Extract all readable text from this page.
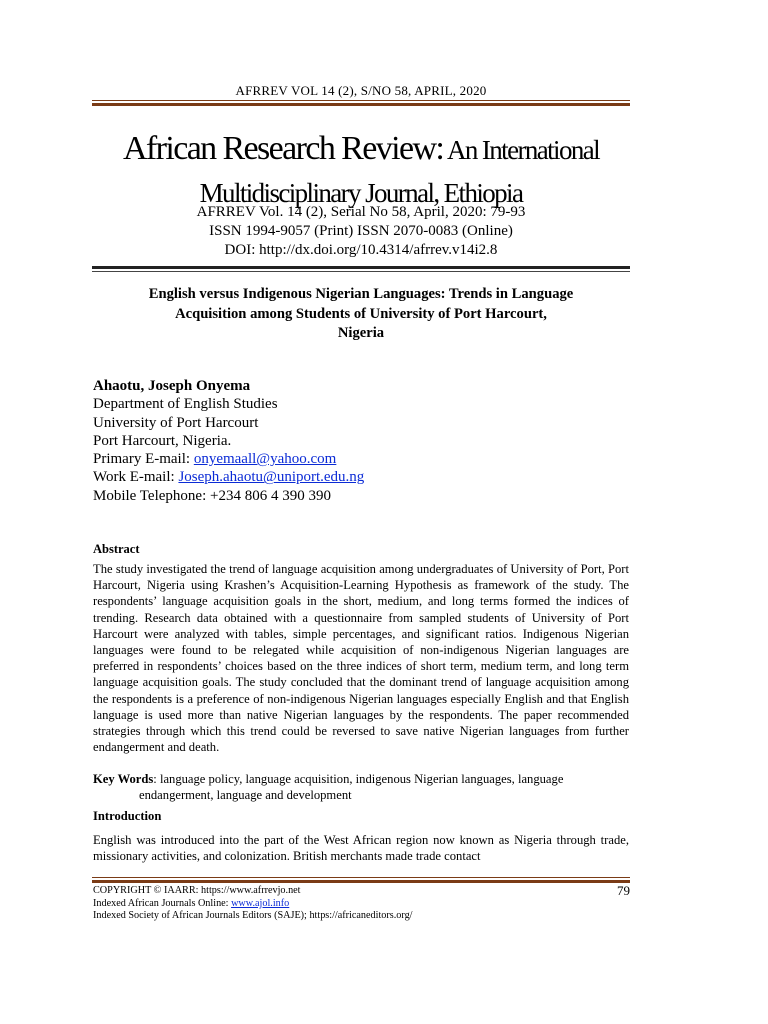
AFRREV VOL 14 (2), S/NO 58, APRIL, 2020
African Research Review: An International
Multidisciplinary Journal, Ethiopia
AFRREV Vol. 14 (2), Serial No 58, April, 2020: 79-93
ISSN 1994-9057 (Print) ISSN 2070-0083 (Online)
DOI: http://dx.doi.org/10.4314/afrrev.v14i2.8
English versus Indigenous Nigerian Languages: Trends in Language
Acquisition among Students of University of Port Harcourt,
Nigeria
Ahaotu, Joseph Onyema
Department of English Studies
University of Port Harcourt
Port Harcourt, Nigeria.
Primary E-mail: onyemaall@yahoo.com
Work E-mail: Joseph.ahaotu@uniport.edu.ng
Mobile Telephone: +234 806 4 390 390
Abstract
The study investigated the trend of language acquisition among undergraduates of University of Port, Port Harcourt, Nigeria using Krashen’s Acquisition-Learning Hypothesis as framework of the study. The respondents’ language acquisition goals in the short, medium, and long terms formed the indices of trending. Research data obtained with a questionnaire from sampled students of University of Port Harcourt were analyzed with tables, simple percentages, and significant ratios. Indigenous Nigerian languages were found to be relegated while acquisition of non-indigenous Nigerian languages are preferred in respondents’ choices based on the three indices of short term, medium term, and long term language acquisition goals. The study concluded that the dominant trend of language acquisition among the respondents is a preference of non-indigenous Nigerian languages especially English and that English language is used more than native Nigerian languages by the respondents. The paper recommended strategies through which this trend could be reversed to save native Nigerian languages from further endangerment and death.
Key Words: language policy, language acquisition, indigenous Nigerian languages, language
endangerment, language and development
Introduction
English was introduced into the part of the West African region now known as Nigeria through trade, missionary activities, and colonization. British merchants made trade contact
COPYRIGHT © IAARR: https://www.afrrevjo.net
Indexed African Journals Online: www.ajol.info
Indexed Society of African Journals Editors (SAJE); https://africaneditors.org/
79
